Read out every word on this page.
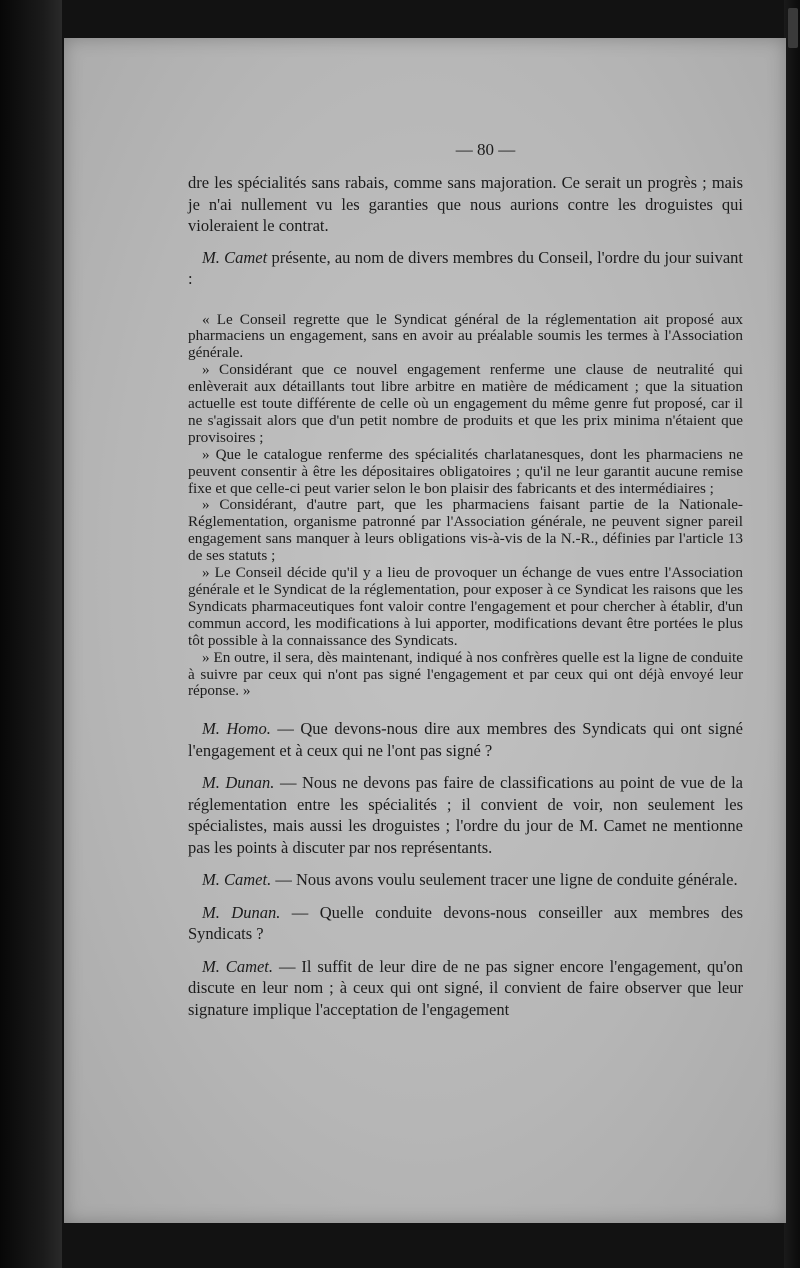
— 80 —

dre les spécialités sans rabais, comme sans majoration. Ce serait un progrès ; mais je n'ai nullement vu les garanties que nous aurions contre les droguistes qui violeraient le contrat.

M. Camet présente, au nom de divers membres du Conseil, l'ordre du jour suivant :

« Le Conseil regrette que le Syndicat général de la réglementation ait proposé aux pharmaciens un engagement, sans en avoir au préalable soumis les termes à l'Association générale.

» Considérant que ce nouvel engagement renferme une clause de neutralité qui enlèverait aux détaillants tout libre arbitre en matière de médicament ; que la situation actuelle est toute différente de celle où un engagement du même genre fut proposé, car il ne s'agissait alors que d'un petit nombre de produits et que les prix minima n'étaient que provisoires ;

» Que le catalogue renferme des spécialités charlatanesques, dont les pharmaciens ne peuvent consentir à être les dépositaires obligatoires ; qu'il ne leur garantit aucune remise fixe et que celle-ci peut varier selon le bon plaisir des fabricants et des intermédiaires ;

» Considérant, d'autre part, que les pharmaciens faisant partie de la Nationale-Réglementation, organisme patronné par l'Association générale, ne peuvent signer pareil engagement sans manquer à leurs obligations vis-à-vis de la N.-R., définies par l'article 13 de ses statuts ;

» Le Conseil décide qu'il y a lieu de provoquer un échange de vues entre l'Association générale et le Syndicat de la réglementation, pour exposer à ce Syndicat les raisons que les Syndicats pharmaceutiques font valoir contre l'engagement et pour chercher à établir, d'un commun accord, les modifications à lui apporter, modifications devant être portées le plus tôt possible à la connaissance des Syndicats.

» En outre, il sera, dès maintenant, indiqué à nos confrères quelle est la ligne de conduite à suivre par ceux qui n'ont pas signé l'engagement et par ceux qui ont déjà envoyé leur réponse. »

M. Homo. — Que devons-nous dire aux membres des Syndicats qui ont signé l'engagement et à ceux qui ne l'ont pas signé ?

M. Dunan. — Nous ne devons pas faire de classifications au point de vue de la réglementation entre les spécialités ; il convient de voir, non seulement les spécialistes, mais aussi les droguistes ; l'ordre du jour de M. Camet ne mentionne pas les points à discuter par nos représentants.

M. Camet. — Nous avons voulu seulement tracer une ligne de conduite générale.

M. Dunan. — Quelle conduite devons-nous conseiller aux membres des Syndicats ?

M. Camet. — Il suffit de leur dire de ne pas signer encore l'engagement, qu'on discute en leur nom ; à ceux qui ont signé, il convient de faire observer que leur signature implique l'acceptation de l'engagement
